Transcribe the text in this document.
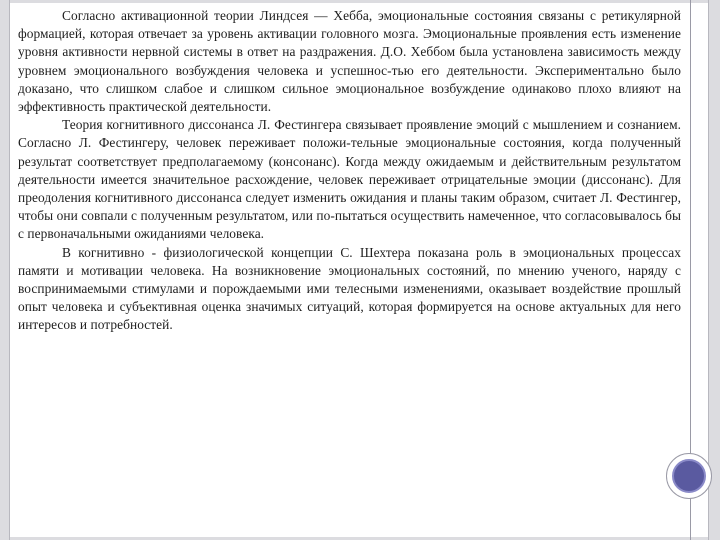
Согласно активационной теории Линдсея — Хебба, эмоциональные состояния связаны с ретикулярной формацией, которая отвечает за уровень активации головного мозга. Эмоциональные проявления есть изменение уровня активности нервной системы в ответ на раздражения. Д.О. Хеббом была установлена зависимость между уровнем эмоционального возбуждения человека и успешнос-тью его деятельности. Экспериментально было доказано, что слишком слабое и слишком сильное эмоциональное возбуждение одинаково плохо влияют на эффективность практической деятельности.

Теория когнитивного диссонанса Л. Фестингера связывает проявление эмоций с мышлением и сознанием. Согласно Л. Фестингеру, человек переживает положи-тельные эмоциональные состояния, когда полученный результат соответствует предполагаемому (консонанс). Когда между ожидаемым и действительным результатом деятельности имеется значительное расхождение, человек переживает отрицательные эмоции (диссонанс). Для преодоления когнитивного диссонанса следует изменить ожидания и планы таким образом, считает Л. Фестингер, чтобы они совпали с полученным результатом, или по-пытаться осуществить намеченное, что согласовывалось бы с первоначальными ожиданиями человека.

В когнитивно - физиологической концепции С. Шехтера показана роль в эмоциональных процессах памяти и мотивации человека. На возникновение эмоциональных состояний, по мнению ученого, наряду с воспринимаемыми стимулами и порождаемыми ими телесными изменениями, оказывает воздействие прошлый опыт человека и субъективная оценка значимых ситуаций, которая формируется на основе актуальных для него интересов и потребностей.
